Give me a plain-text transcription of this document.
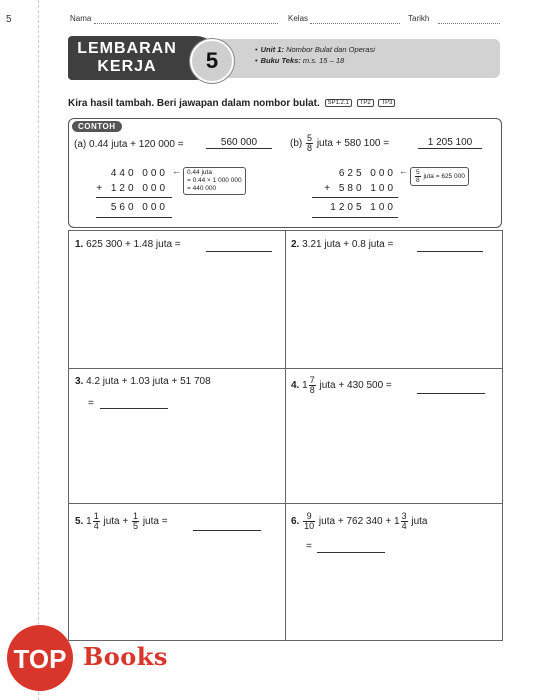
5	Nama	Kelas	Tarikh
LEMBARAN
KERJA	5	• Unit 1: Nombor Bulat dan Operasi
• Buku Teks: m.s. 15 – 18
Kira hasil tambah. Beri jawapan dalam nombor bulat. SP1.2.1 TP2 TP3
CONTOH
(a) 0.44 juta + 120 000 =	560 000
440 000
+ 120 000
560 000
← 0.44 juta
= 0.44 × 1 000 000
= 440 000
$(b) \frac{5}{8}$ juta + 580 100 =	1 205 100
625 000
+ 580 100
1205 100
← $\frac{5}{8}$ juta = 625 000
1. 625 300 + 1.48 juta =	2. 3.21 juta + 0.8 juta =
3. 4.2 juta + 1.03 juta + 51 708
=
4. $1 \frac{7}{8}$ juta + 430 500 =
5. $1 \frac{1}{4}$ juta + $\frac{1}{5}$ juta =	6. $\frac{9}{10}$ juta + 762 $340 + 1 \frac{3}{4}$ juta
=
TOP Books
